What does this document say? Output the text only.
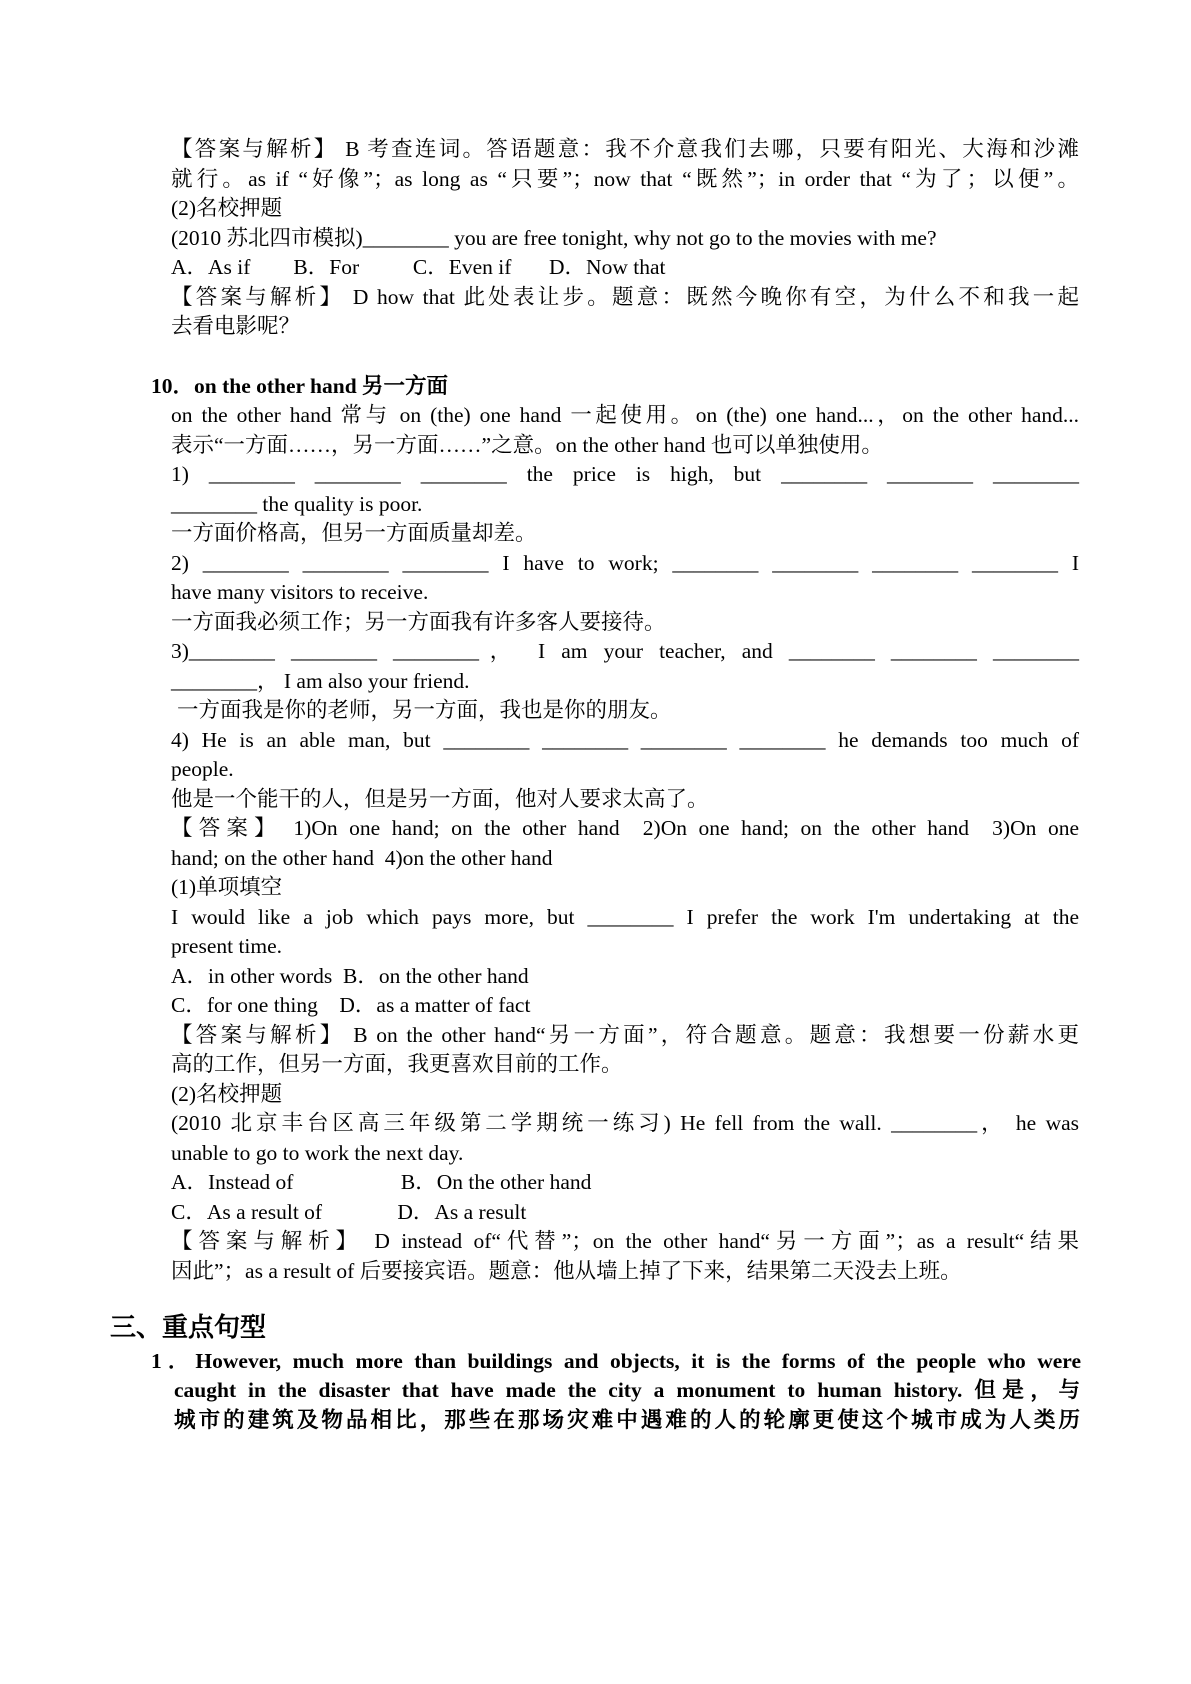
【答案与解析】 B 考查连词。答语题意：我不介意我们去哪，只要有阳光、大海和沙滩
就行。as if “好像”；as long as “只要”；now that “既然”；in order that “为了；以便”。
(2)名校押题
(2010 苏北四市模拟)________ you are free tonight, why not go to the movies with me?
A．As if        B．For          C．Even if       D．Now that
【答案与解析】 D how that 此处表让步。题意：既然今晚你有空，为什么不和我一起
去看电影呢？
10．on the other hand 另一方面
on the other hand 常与 on (the) one hand 一起使用。on (the) one hand...，on the other hand...
表示“一方面……，另一方面……”之意。on the other hand 也可以单独使用。
1) ________ ________ ________ the price is high, but ________ ________ ________
________ the quality is poor.
一方面价格高，但另一方面质量却差。
2) ________ ________ ________ I have to work; ________ ________ ________ ________ I
have many visitors to receive.
一方面我必须工作；另一方面我有许多客人要接待。
3)________ ________ ________， I am your teacher, and ________ ________ ________
________， I am also your friend.
一方面我是你的老师，另一方面，我也是你的朋友。
4) He is an able man, but ________ ________ ________ ________ he demands too much of
people.
他是一个能干的人，但是另一方面，他对人要求太高了。
【答案】 1)On one hand; on the other hand  2)On one hand; on the other hand  3)On one
hand; on the other hand  4)on the other hand
(1)单项填空
I would like a job which pays more, but ________ I prefer the work I'm undertaking at the
present time.
A．in other words  B．on the other hand
C．for one thing    D．as a matter of fact
【答案与解析】 B on the other hand“另一方面”，符合题意。题意：我想要一份薪水更
高的工作，但另一方面，我更喜欢目前的工作。
(2)名校押题
(2010 北京丰台区高三年级第二学期统一练习) He fell from the wall. ________， he was
unable to go to work the next day.
A．Instead of                    B．On the other hand
C．As a result of              D．As a result
【答案与解析】 D instead of“代替”；on the other hand“另一方面”；as a result“结果
因此”；as a result of 后要接宾语。题意：他从墙上掉了下来，结果第二天没去上班。
三、重点句型
1．However, much more than buildings and objects, it is the forms of the people who were
caught in the disaster that have made the city a monument to human history. 但是，与
城市的建筑及物品相比，那些在那场灾难中遇难的人的轮廓更使这个城市成为人类历
